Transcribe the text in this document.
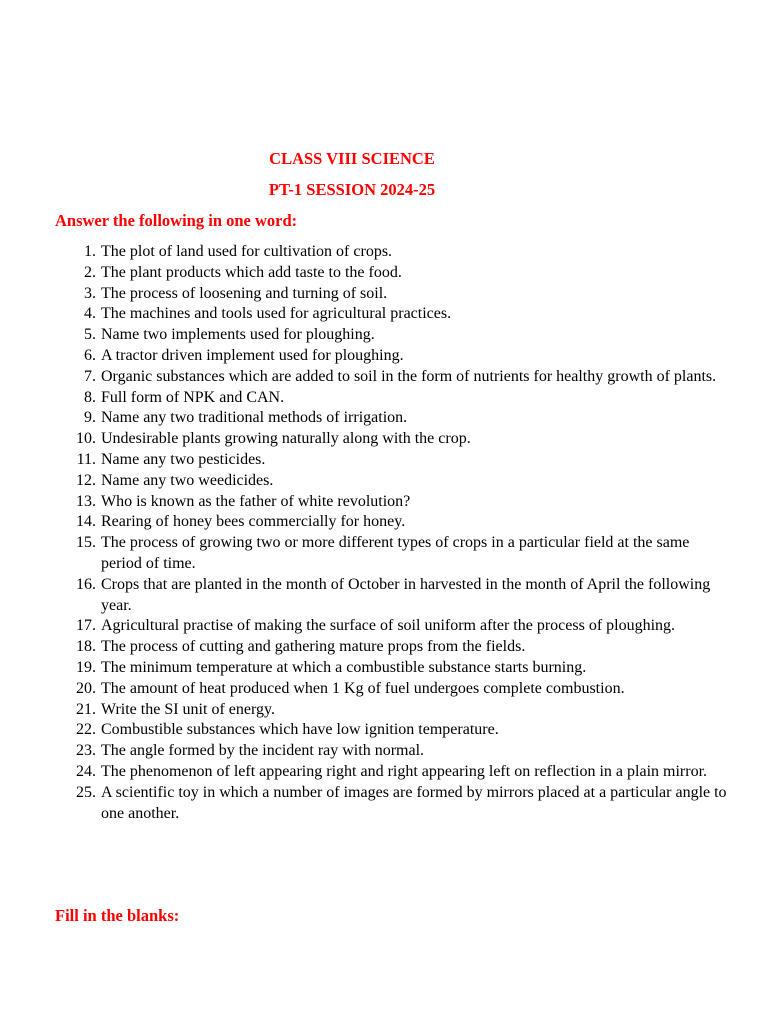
CLASS VIII SCIENCE
PT-1 SESSION 2024-25
Answer the following in one word:
1. The plot of land used for cultivation of crops.
2. The plant products which add taste to the food.
3. The process of loosening and turning of soil.
4. The machines and tools used for agricultural practices.
5. Name two implements used for ploughing.
6. A tractor driven implement used for ploughing.
7. Organic substances which are added to soil in the form of nutrients for healthy growth of plants.
8. Full form of NPK and CAN.
9. Name any two traditional methods of irrigation.
10. Undesirable plants growing naturally along with the crop.
11. Name any two pesticides.
12. Name any two weedicides.
13. Who is known as the father of white revolution?
14. Rearing of honey bees commercially for honey.
15. The process of growing two or more different types of crops in a particular field at the same period of time.
16. Crops that are planted in the month of October in harvested in the month of April the following year.
17. Agricultural practise of making the surface of soil uniform after the process of ploughing.
18. The process of cutting and gathering mature props from the fields.
19. The minimum temperature at which a combustible substance starts burning.
20. The amount of heat produced when 1 Kg of fuel undergoes complete combustion.
21. Write the SI unit of energy.
22. Combustible substances which have low ignition temperature.
23. The angle formed by the incident ray with normal.
24. The phenomenon of left appearing right and right appearing left on reflection in a plain mirror.
25. A scientific toy in which a number of images are formed by mirrors placed at a particular angle to one another.
Fill in the blanks:
